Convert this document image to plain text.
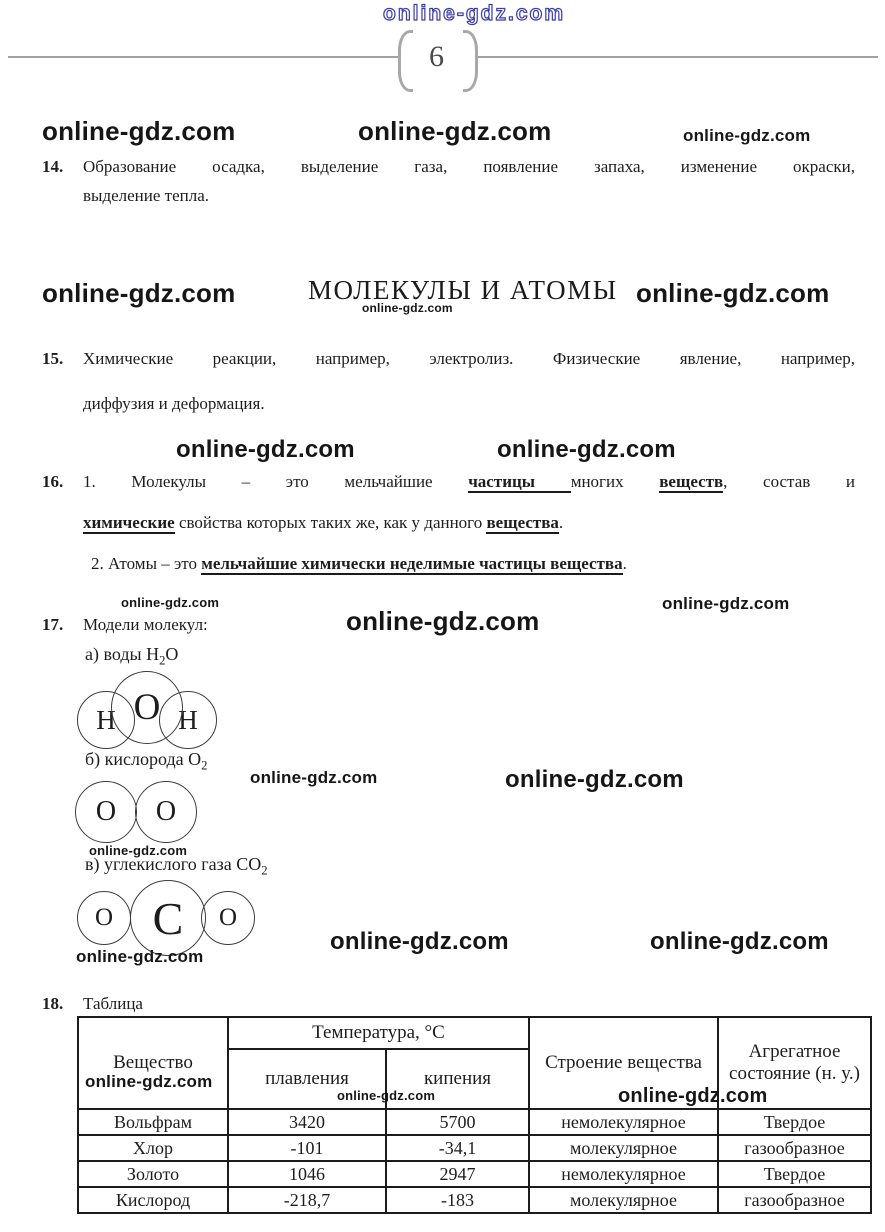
online-gdz.com
6
online-gdz.com	online-gdz.com	online-gdz.com
14. Образование осадка, выделение газа, появление запаха, изменение окраски,
выделение тепла.
online-gdz.com	МОЛЕКУЛЫ И АТОМЫ online-gdz.com
online-gdz.com
15. Химические реакции, например, электролиз. Физические явление, например,
диффузия и деформация.
online-gdz.com	online-gdz.com
16. 1. Молекулы – это мельчайшие частицы многих веществ, состав и
химические свойства которых таких же, как у данного вещества.
2. Атомы – это мельчайшие химически неделимые частицы вещества.
online-gdz.com	online-gdz.com
online-gdz.com
17. Модели молекул:
а) воды $H_2O$
H H
O
б) кислорода $О_2$
online-gdz.com	online-gdz.com
O O
online-gdz.com
в) углекислого газа $СО_2$
O	O
C
online-gdz.com
online-gdz.com	online-gdz.com
18. Таблица
Вещество	Температура, °С		Строение вещества	Агрегатное состояние (н. у.)
	плавления	кипения		
Вольфрам	3420	5700	немолекулярное	Твердое
Хлор	-101	-34,1	молекулярное	газообразное
Золото	1046	2947	немолекулярное	Твердое
Кислород	-218,7	-183	молекулярное	газообразное
online-gdz.com
online-gdz.com	online-gdz.com
